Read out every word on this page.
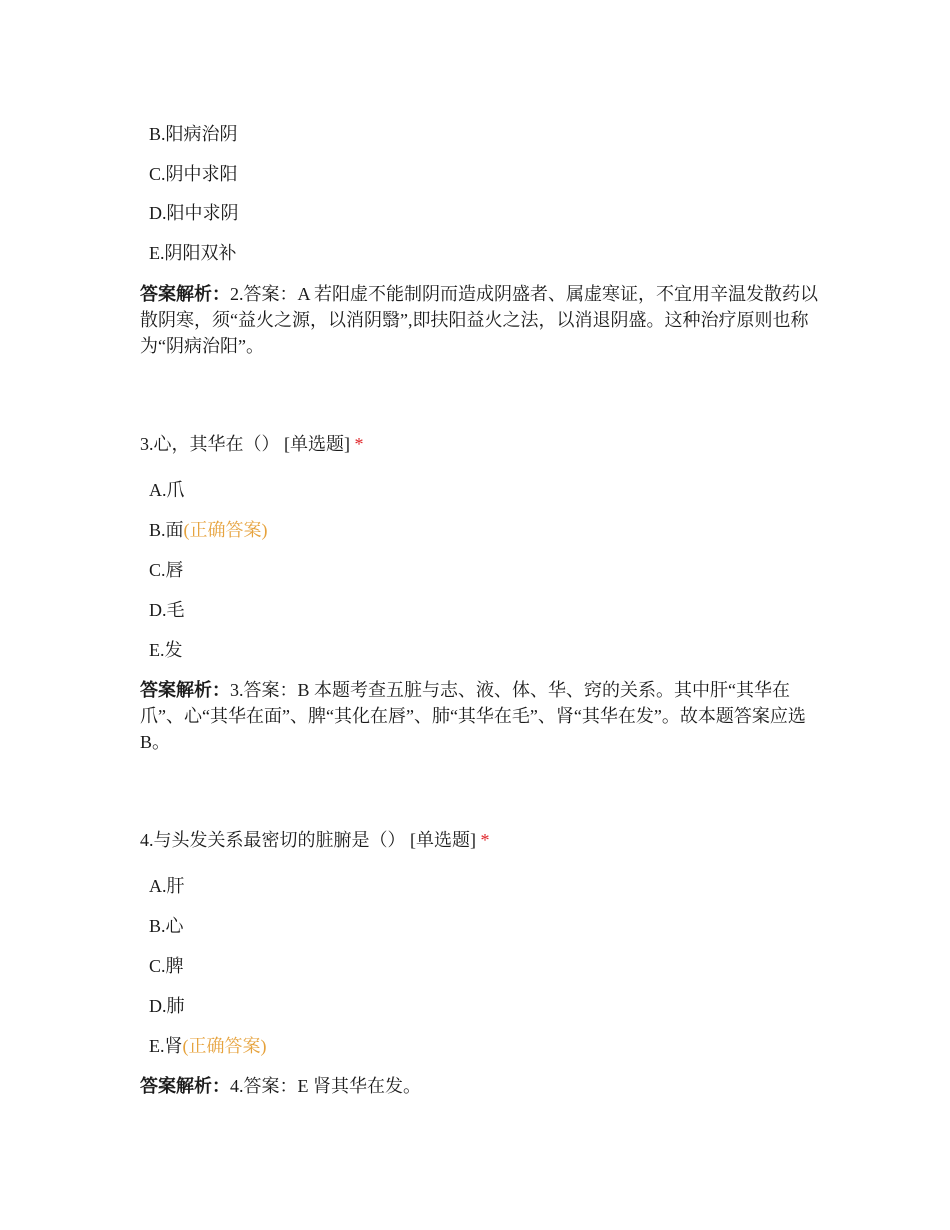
B.阳病治阴
C.阴中求阳
D.阳中求阴
E.阴阳双补
答案解析：2.答案：A 若阳虚不能制阴而造成阴盛者、属虚寒证，不宜用辛温发散药以散阴寒，须“益火之源，以消阴翳”,即扶阳益火之法，以消退阴盛。这种治疗原则也称为“阴病治阳”。
3.心，其华在（） [单选题] *
A.爪
B.面(正确答案)
C.唇
D.毛
E.发
答案解析：3.答案：B 本题考查五脏与志、液、体、华、窍的关系。其中肝“其华在爪”、心“其华在面”、脾“其化在唇”、肺“其华在毛”、肾“其华在发”。故本题答案应选 B。
4.与头发关系最密切的脏腑是（） [单选题] *
A.肝
B.心
C.脾
D.肺
E.肾(正确答案)
答案解析：4.答案：E 肾其华在发。
